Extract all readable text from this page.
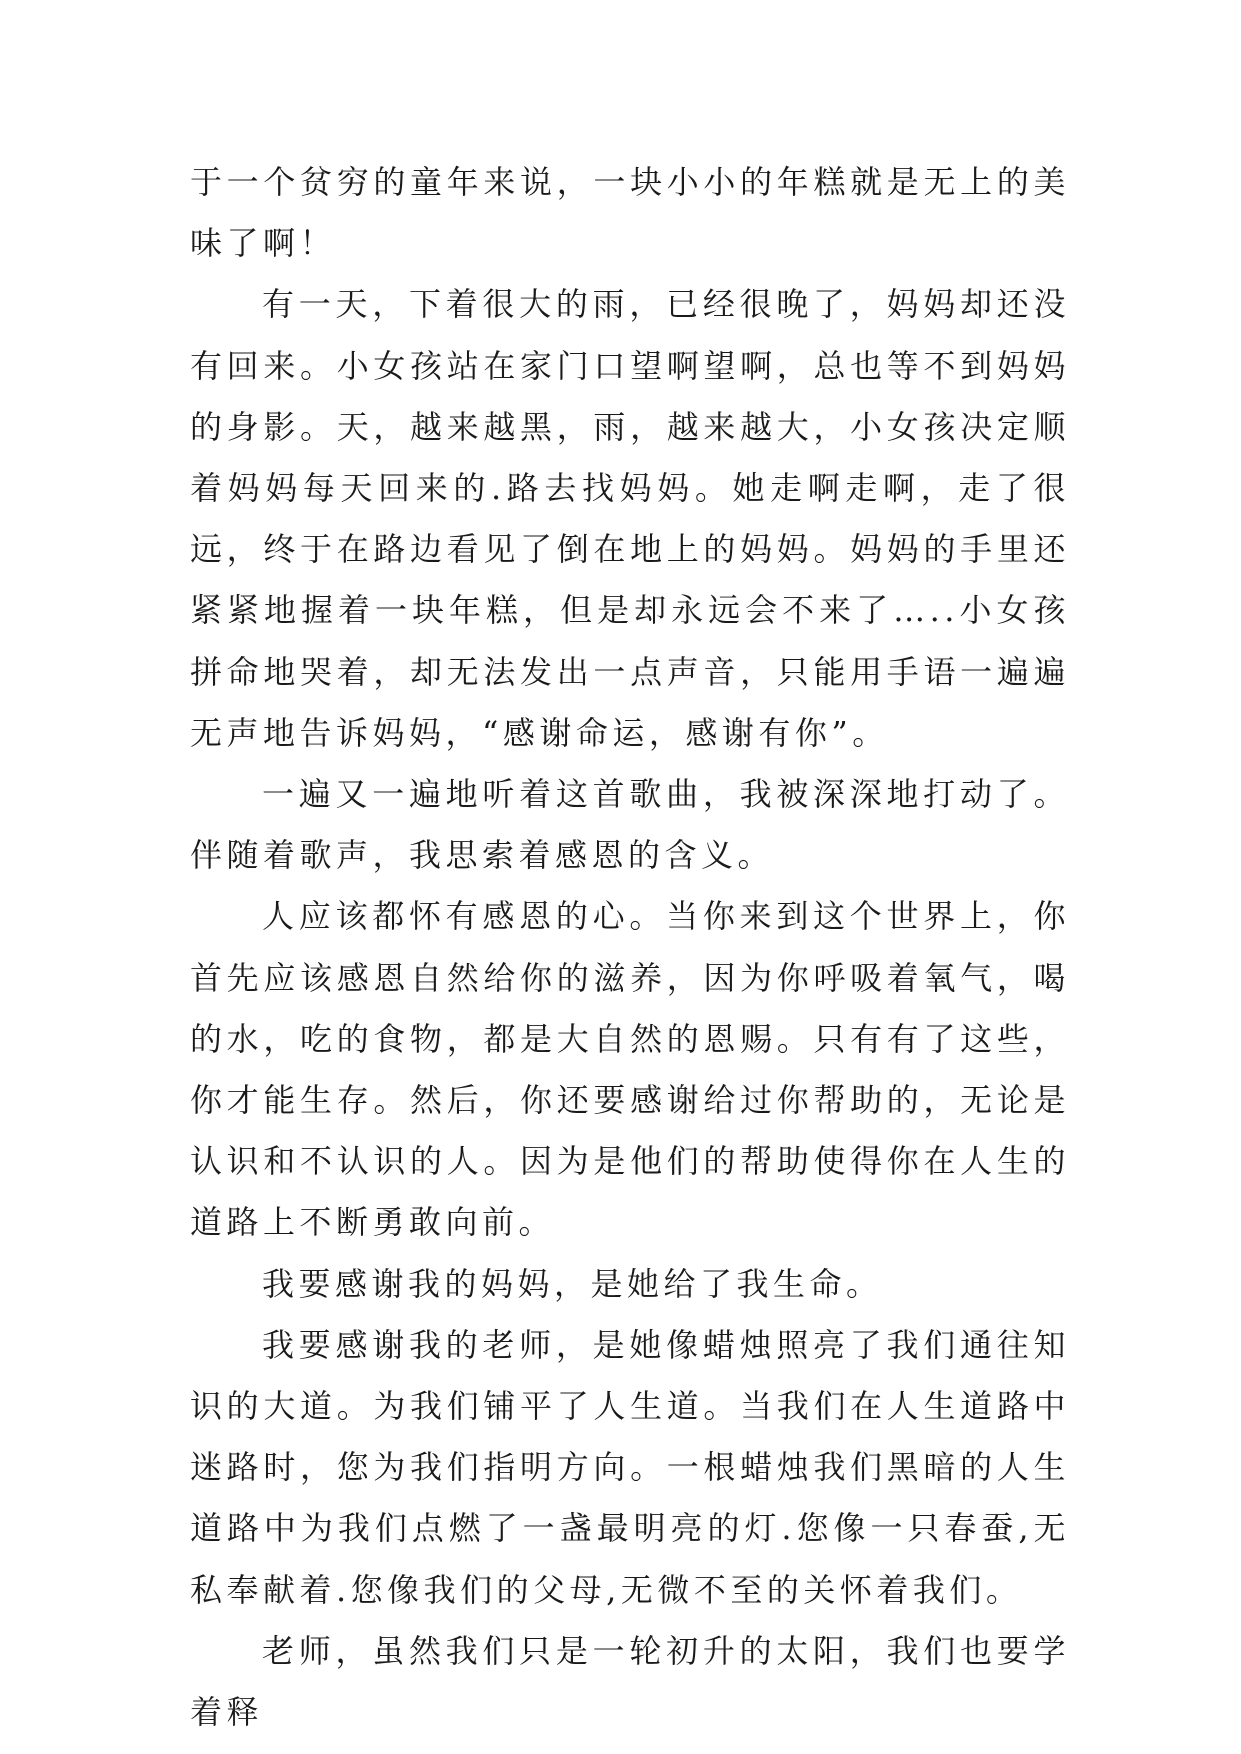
于一个贫穷的童年来说，一块小小的年糕就是无上的美味了啊！

有一天，下着很大的雨，已经很晚了，妈妈却还没有回来。小女孩站在家门口望啊望啊，总也等不到妈妈的身影。天，越来越黑，雨，越来越大，小女孩决定顺着妈妈每天回来的.路去找妈妈。她走啊走啊，走了很远，终于在路边看见了倒在地上的妈妈。妈妈的手里还紧紧地握着一块年糕，但是却永远会不来了…..小女孩拼命地哭着，却无法发出一点声音，只能用手语一遍遍无声地告诉妈妈，“感谢命运，感谢有你”。

一遍又一遍地听着这首歌曲，我被深深地打动了。伴随着歌声，我思索着感恩的含义。

人应该都怀有感恩的心。当你来到这个世界上，你首先应该感恩自然给你的滋养，因为你呼吸着氧气，喝的水，吃的食物，都是大自然的恩赐。只有有了这些，你才能生存。然后，你还要感谢给过你帮助的，无论是认识和不认识的人。因为是他们的帮助使得你在人生的道路上不断勇敢向前。

我要感谢我的妈妈，是她给了我生命。

我要感谢我的老师，是她像蜡烛照亮了我们通往知识的大道。为我们铺平了人生道。当我们在人生道路中迷路时，您为我们指明方向。一根蜡烛我们黑暗的人生道路中为我们点燃了一盏最明亮的灯.您像一只春蚕,无私奉献着.您像我们的父母,无微不至的关怀着我们。

老师，虽然我们只是一轮初升的太阳，我们也要学着释
